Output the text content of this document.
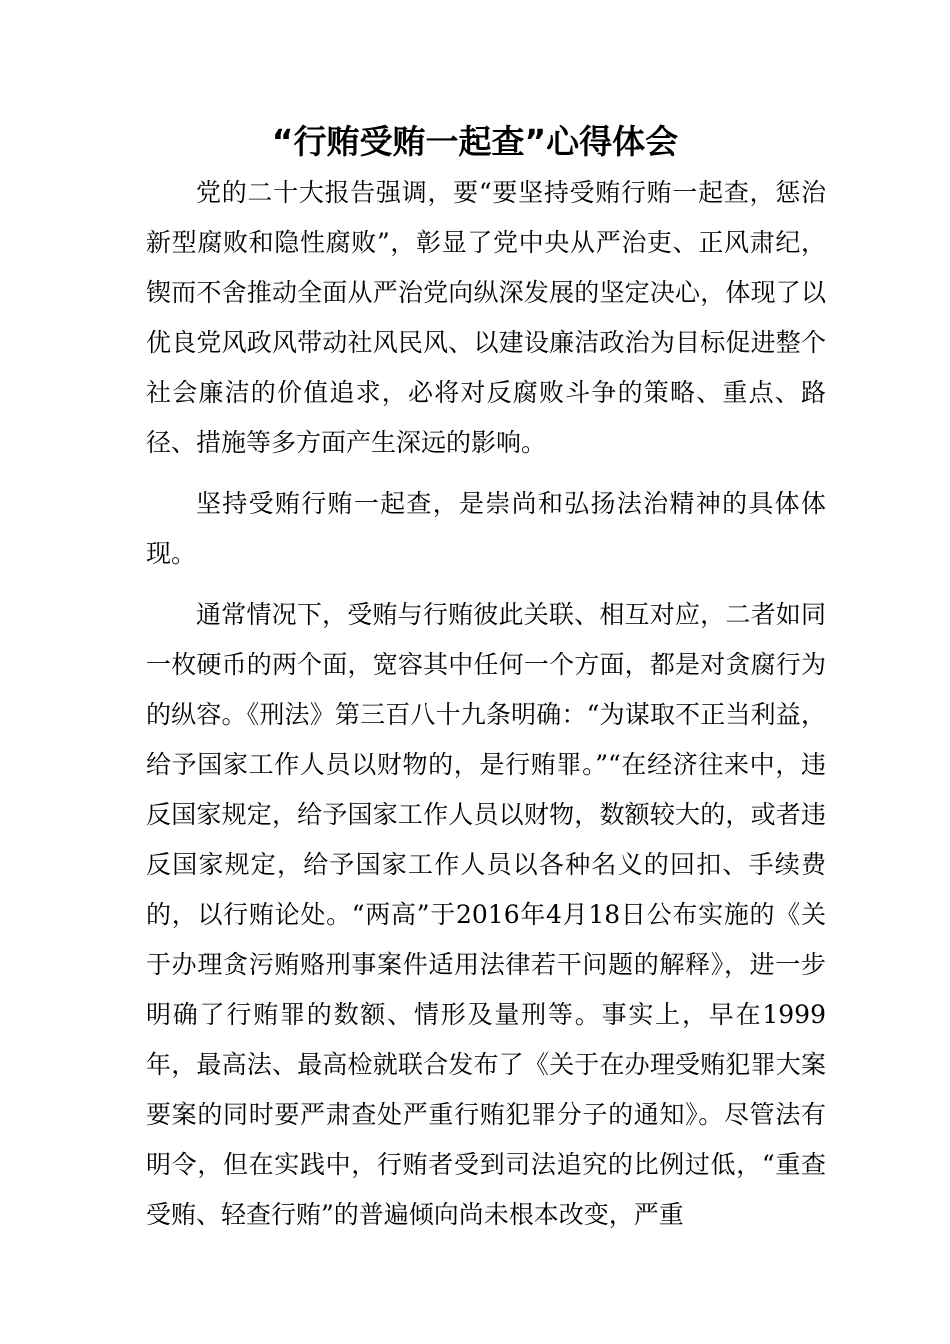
“行贿受贿一起查”心得体会

党的二十大报告强调，要“要坚持受贿行贿一起查，惩治新型腐败和隐性腐败”，彰显了党中央从严治吏、正风肃纪，锲而不舍推动全面从严治党向纵深发展的坚定决心，体现了以优良党风政风带动社风民风、以建设廉洁政治为目标促进整个社会廉洁的价值追求，必将对反腐败斗争的策略、重点、路径、措施等多方面产生深远的影响。

坚持受贿行贿一起查，是崇尚和弘扬法治精神的具体体现。

通常情况下，受贿与行贿彼此关联、相互对应，二者如同一枚硬币的两个面，宽容其中任何一个方面，都是对贪腐行为的纵容。《刑法》第三百八十九条明确：“为谋取不正当利益，给予国家工作人员以财物的，是行贿罪。”“在经济往来中，违反国家规定，给予国家工作人员以财物，数额较大的，或者违反国家规定，给予国家工作人员以各种名义的回扣、手续费的，以行贿论处。“两高”于2016年4月18日公布实施的《关于办理贪污贿赂刑事案件适用法律若干问题的解释》，进一步明确了行贿罪的数额、情形及量刑等。事实上，早在1999年，最高法、最高检就联合发布了《关于在办理受贿犯罪大案要案的同时要严肃查处严重行贿犯罪分子的通知》。尽管法有明令，但在实践中，行贿者受到司法追究的比例过低，“重查受贿、轻查行贿”的普遍倾向尚未根本改变，严重
